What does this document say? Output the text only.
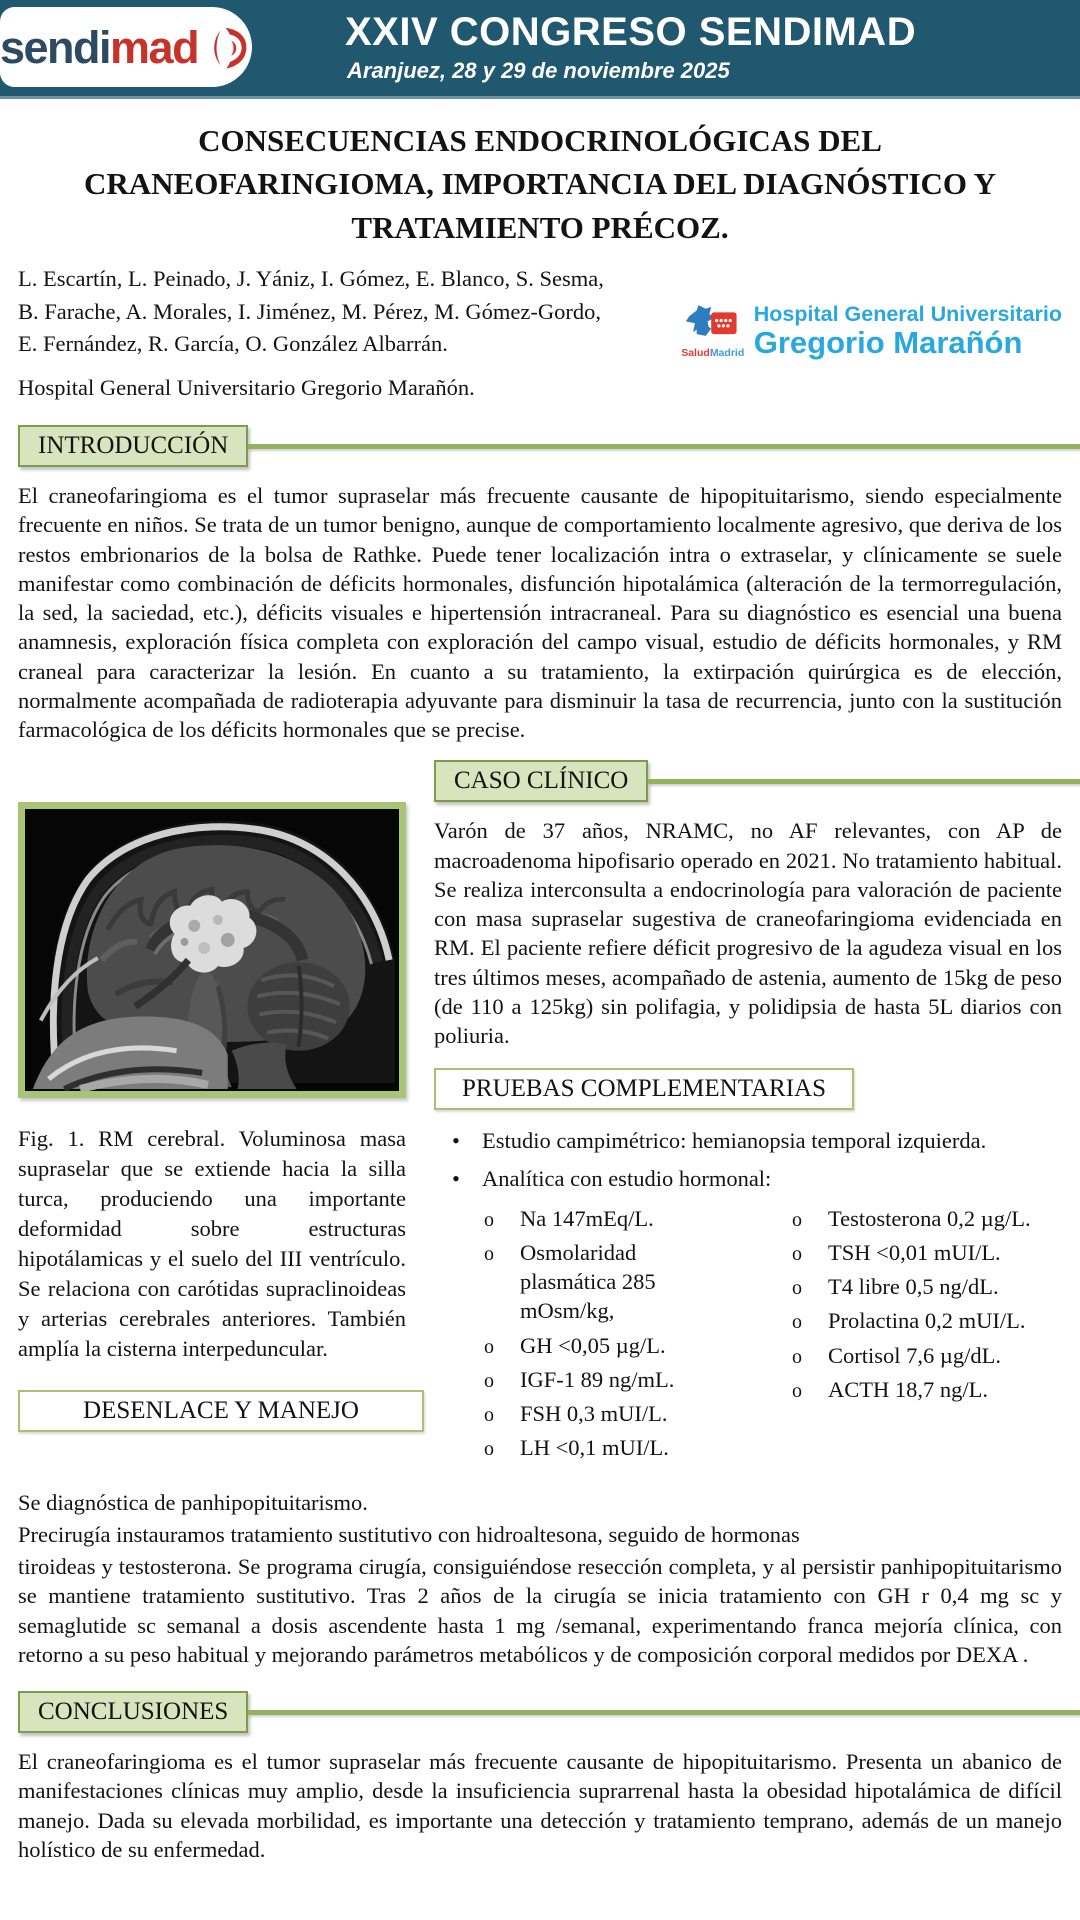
sendimad	XXIV CONGRESO SENDIMAD
Aranjuez, 28 y 29 de noviembre 2025
CONSECUENCIAS ENDOCRINOLÓGICAS DEL CRANEOFARINGIOMA, IMPORTANCIA DEL DIAGNÓSTICO Y TRATAMIENTO PRÉCOZ.
L. Escartín, L. Peinado, J. Yániz, I. Gómez, E. Blanco, S. Sesma, B. Farache, A. Morales, I. Jiménez, M. Pérez, M. Gómez-Gordo, E. Fernández, R. García, O. González Albarrán.	SaludMadrid
Hospital General Universitario
Gregorio Marañón
Hospital General Universitario Gregorio Marañón.
INTRODUCCIÓN
El craneofaringioma es el tumor supraselar más frecuente causante de hipopituitarismo, siendo especialmente frecuente en niños. Se trata de un tumor benigno, aunque de comportamiento localmente agresivo, que deriva de los restos embrionarios de la bolsa de Rathke. Puede tener localización intra o extraselar, y clínicamente se suele manifestar como combinación de déficits hormonales, disfunción hipotalámica (alteración de la termorregulación, la sed, la saciedad, etc.), déficits visuales e hipertensión intracraneal. Para su diagnóstico es esencial una buena anamnesis, exploración física completa con exploración del campo visual, estudio de déficits hormonales, y RM craneal para caracterizar la lesión. En cuanto a su tratamiento, la extirpación quirúrgica es de elección, normalmente acompañada de radioterapia adyuvante para disminuir la tasa de recurrencia, junto con la sustitución farmacológica de los déficits hormonales que se precise.
Fig. 1. RM cerebral. Voluminosa masa supraselar que se extiende hacia la silla turca, produciendo una importante deformidad sobre estructuras hipotálamicas y el suelo del III ventrículo. Se relaciona con carótidas supraclinoideas y arterias cerebrales anteriores. También amplía la cisterna interpeduncular.
DESENLACE Y MANEJO
CASO CLÍNICO
Varón de 37 años, NRAMC, no AF relevantes, con AP de macroadenoma hipofisario operado en 2021. No tratamiento habitual. Se realiza interconsulta a endocrinología para valoración de paciente con masa supraselar sugestiva de craneofaringioma evidenciada en RM. El paciente refiere déficit progresivo de la agudeza visual en los tres últimos meses, acompañado de astenia, aumento de 15kg de peso (de 110 a 125kg) sin polifagia, y polidipsia de hasta 5L diarios con poliuria.
PRUEBAS COMPLEMENTARIAS
• Estudio campimétrico: hemianopsia temporal izquierda.
• Analítica con estudio hormonal:
o Na 147mEq/L.
o Osmolaridad plasmática 285 mOsm/kg,
o GH <0,05 µg/L.
o IGF-1 89 ng/mL.
o FSH 0,3 mUI/L.
o LH <0,1 mUI/L.
o Testosterona 0,2 µg/L.
o TSH <0,01 mUI/L.
o T4 libre 0,5 ng/dL.
o Prolactina 0,2 mUI/L.
o Cortisol 7,6 µg/dL.
o ACTH 18,7 ng/L.

Se diagnóstica de panhipopituitarismo.

Precirugía instauramos tratamiento sustitutivo con hidroaltesona, seguido de hormonas

tiroideas y testosterona. Se programa cirugía, consiguiéndose resección completa, y al persistir panhipopituitarismo se mantiene tratamiento sustitutivo. Tras 2 años de la cirugía se inicia tratamiento con GH r 0,4 mg sc y semaglutide sc semanal a dosis ascendente hasta 1 mg /semanal, experimentando franca mejoría clínica, con retorno a su peso habitual y mejorando parámetros metabólicos y de composición corporal medidos por DEXA .
CONCLUSIONES
El craneofaringioma es el tumor supraselar más frecuente causante de hipopituitarismo. Presenta un abanico de manifestaciones clínicas muy amplio, desde la insuficiencia suprarrenal hasta la obesidad hipotalámica de difícil manejo. Dada su elevada morbilidad, es importante una detección y tratamiento temprano, además de un manejo holístico de su enfermedad.
